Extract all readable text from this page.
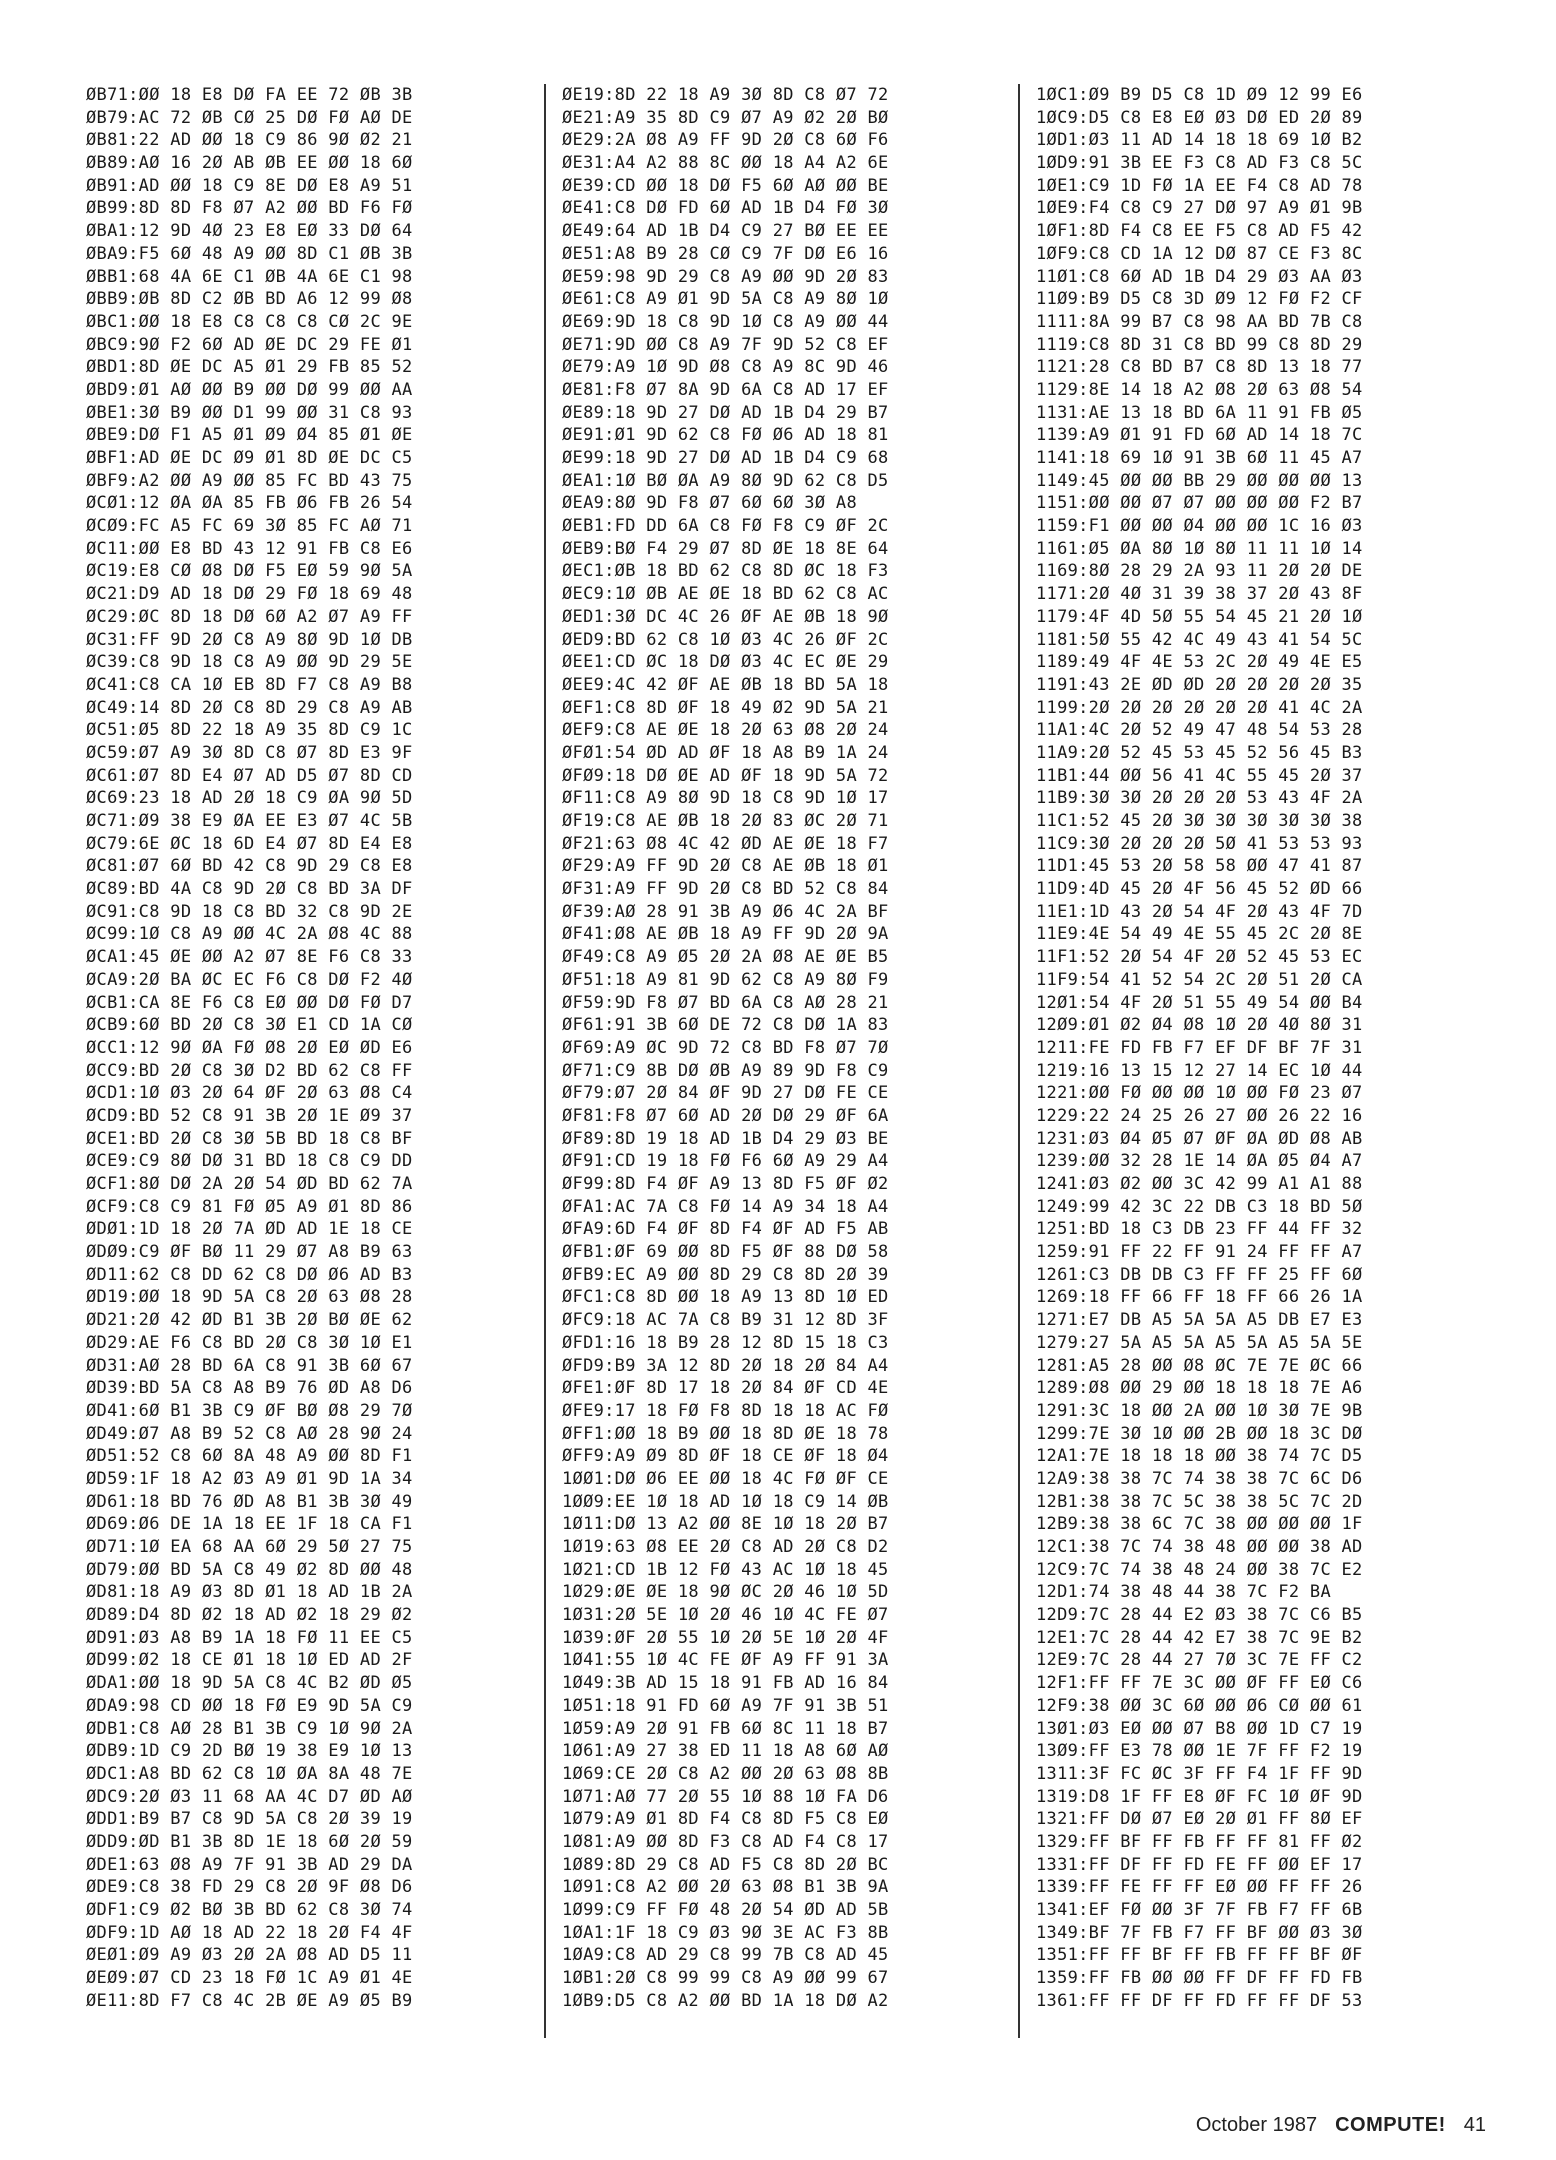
ØB71:ØØ 18 E8 DØ FA EE 72 ØB 3B
ØB79:AC 72 ØB CØ 25 DØ FØ AØ DE
ØB81:22 AD ØØ 18 C9 86 9Ø Ø2 21
ØB89:AØ 16 2Ø AB ØB EE ØØ 18 6Ø
ØB91:AD ØØ 18 C9 8E DØ E8 A9 51
ØB99:8D 8D F8 Ø7 A2 ØØ BD F6 FØ
ØBA1:12 9D 4Ø 23 E8 EØ 33 DØ 64
ØBA9:F5 6Ø 48 A9 ØØ 8D C1 ØB 3B
ØBB1:68 4A 6E C1 ØB 4A 6E C1 98
ØBB9:ØB 8D C2 ØB BD A6 12 99 Ø8
ØBC1:ØØ 18 E8 C8 C8 C8 CØ 2C 9E
ØBC9:9Ø F2 6Ø AD ØE DC 29 FE Ø1
ØBD1:8D ØE DC A5 Ø1 29 FB 85 52
ØBD9:Ø1 AØ ØØ B9 ØØ DØ 99 ØØ AA
ØBE1:3Ø B9 ØØ D1 99 ØØ 31 C8 93
ØBE9:DØ F1 A5 Ø1 Ø9 Ø4 85 Ø1 ØE
ØBF1:AD ØE DC Ø9 Ø1 8D ØE DC C5
ØBF9:A2 ØØ A9 ØØ 85 FC BD 43 75
ØCØ1:12 ØA ØA 85 FB Ø6 FB 26 54
ØCØ9:FC A5 FC 69 3Ø 85 FC AØ 71
ØC11:ØØ E8 BD 43 12 91 FB C8 E6
ØC19:E8 CØ Ø8 DØ F5 EØ 59 9Ø 5A
ØC21:D9 AD 18 DØ 29 FØ 18 69 48
ØC29:ØC 8D 18 DØ 6Ø A2 Ø7 A9 FF
ØC31:FF 9D 2Ø C8 A9 8Ø 9D 1Ø DB
ØC39:C8 9D 18 C8 A9 ØØ 9D 29 5E
ØC41:C8 CA 1Ø EB 8D F7 C8 A9 B8
ØC49:14 8D 2Ø C8 8D 29 C8 A9 AB
ØC51:Ø5 8D 22 18 A9 35 8D C9 1C
ØC59:Ø7 A9 3Ø 8D C8 Ø7 8D E3 9F
ØC61:Ø7 8D E4 Ø7 AD D5 Ø7 8D CD
ØC69:23 18 AD 2Ø 18 C9 ØA 9Ø 5D
ØC71:Ø9 38 E9 ØA EE E3 Ø7 4C 5B
ØC79:6E ØC 18 6D E4 Ø7 8D E4 E8
ØC81:Ø7 6Ø BD 42 C8 9D 29 C8 E8
ØC89:BD 4A C8 9D 2Ø C8 BD 3A DF
ØC91:C8 9D 18 C8 BD 32 C8 9D 2E
ØC99:1Ø C8 A9 ØØ 4C 2A Ø8 4C 88
ØCA1:45 ØE ØØ A2 Ø7 8E F6 C8 33
ØCA9:2Ø BA ØC EC F6 C8 DØ F2 4Ø
ØCB1:CA 8E F6 C8 EØ ØØ DØ FØ D7
ØCB9:6Ø BD 2Ø C8 3Ø E1 CD 1A CØ
ØCC1:12 9Ø ØA FØ Ø8 2Ø EØ ØD E6
ØCC9:BD 2Ø C8 3Ø D2 BD 62 C8 FF
ØCD1:1Ø Ø3 2Ø 64 ØF 2Ø 63 Ø8 C4
ØCD9:BD 52 C8 91 3B 2Ø 1E Ø9 37
ØCE1:BD 2Ø C8 3Ø 5B BD 18 C8 BF
ØCE9:C9 8Ø DØ 31 BD 18 C8 C9 DD
ØCF1:8Ø DØ 2A 2Ø 54 ØD BD 62 7A
ØCF9:C8 C9 81 FØ Ø5 A9 Ø1 8D 86
ØDØ1:1D 18 2Ø 7A ØD AD 1E 18 CE
ØDØ9:C9 ØF BØ 11 29 Ø7 A8 B9 63
ØD11:62 C8 DD 62 C8 DØ Ø6 AD B3
ØD19:ØØ 18 9D 5A C8 2Ø 63 Ø8 28
ØD21:2Ø 42 ØD B1 3B 2Ø BØ ØE 62
ØD29:AE F6 C8 BD 2Ø C8 3Ø 1Ø E1
ØD31:AØ 28 BD 6A C8 91 3B 6Ø 67
ØD39:BD 5A C8 A8 B9 76 ØD A8 D6
ØD41:6Ø B1 3B C9 ØF BØ Ø8 29 7Ø
ØD49:Ø7 A8 B9 52 C8 AØ 28 9Ø 24
ØD51:52 C8 6Ø 8A 48 A9 ØØ 8D F1
ØD59:1F 18 A2 Ø3 A9 Ø1 9D 1A 34
ØD61:18 BD 76 ØD A8 B1 3B 3Ø 49
ØD69:Ø6 DE 1A 18 EE 1F 18 CA F1
ØD71:1Ø EA 68 AA 6Ø 29 5Ø 27 75
ØD79:ØØ BD 5A C8 49 Ø2 8D ØØ 48
ØD81:18 A9 Ø3 8D Ø1 18 AD 1B 2A
ØD89:D4 8D Ø2 18 AD Ø2 18 29 Ø2
ØD91:Ø3 A8 B9 1A 18 FØ 11 EE C5
ØD99:Ø2 18 CE Ø1 18 1Ø ED AD 2F
ØDA1:ØØ 18 9D 5A C8 4C B2 ØD Ø5
ØDA9:98 CD ØØ 18 FØ E9 9D 5A C9
ØDB1:C8 AØ 28 B1 3B C9 1Ø 9Ø 2A
ØDB9:1D C9 2D BØ 19 38 E9 1Ø 13
ØDC1:A8 BD 62 C8 1Ø ØA 8A 48 7E
ØDC9:2Ø Ø3 11 68 AA 4C D7 ØD AØ
ØDD1:B9 B7 C8 9D 5A C8 2Ø 39 19
ØDD9:ØD B1 3B 8D 1E 18 6Ø 2Ø 59
ØDE1:63 Ø8 A9 7F 91 3B AD 29 DA
ØDE9:C8 38 FD 29 C8 2Ø 9F Ø8 D6
ØDF1:C9 Ø2 BØ 3B BD 62 C8 3Ø 74
ØDF9:1D AØ 18 AD 22 18 2Ø F4 4F
ØEØ1:Ø9 A9 Ø3 2Ø 2A Ø8 AD D5 11
ØEØ9:Ø7 CD 23 18 FØ 1C A9 Ø1 4E
ØE11:8D F7 C8 4C 2B ØE A9 Ø5 B9
ØE19:8D 22 18 A9 3Ø 8D C8 Ø7 72
ØE21:A9 35 8D C9 Ø7 A9 Ø2 2Ø BØ
ØE29:2A Ø8 A9 FF 9D 2Ø C8 6Ø F6
ØE31:A4 A2 88 8C ØØ 18 A4 A2 6E
ØE39:CD ØØ 18 DØ F5 6Ø AØ ØØ BE
ØE41:C8 DØ FD 6Ø AD 1B D4 FØ 3Ø
ØE49:64 AD 1B D4 C9 27 BØ EE EE
ØE51:A8 B9 28 CØ C9 7F DØ E6 16
ØE59:98 9D 29 C8 A9 ØØ 9D 2Ø 83
ØE61:C8 A9 Ø1 9D 5A C8 A9 8Ø 1Ø
ØE69:9D 18 C8 9D 1Ø C8 A9 ØØ 44
ØE71:9D ØØ C8 A9 7F 9D 52 C8 EF
ØE79:A9 1Ø 9D Ø8 C8 A9 8C 9D 46
ØE81:F8 Ø7 8A 9D 6A C8 AD 17 EF
ØE89:18 9D 27 DØ AD 1B D4 29 B7
ØE91:Ø1 9D 62 C8 FØ Ø6 AD 18 81
ØE99:18 9D 27 DØ AD 1B D4 C9 68
ØEA1:1Ø BØ ØA A9 8Ø 9D 62 C8 D5
ØEA9:8Ø 9D F8 Ø7 6Ø 6Ø 3Ø A8
ØEB1:FD DD 6A C8 FØ F8 C9 ØF 2C
ØEB9:BØ F4 29 Ø7 8D ØE 18 8E 64
ØEC1:ØB 18 BD 62 C8 8D ØC 18 F3
ØEC9:1Ø ØB AE ØE 18 BD 62 C8 AC
ØED1:3Ø DC 4C 26 ØF AE ØB 18 9Ø
ØED9:BD 62 C8 1Ø Ø3 4C 26 ØF 2C
ØEE1:CD ØC 18 DØ Ø3 4C EC ØE 29
ØEE9:4C 42 ØF AE ØB 18 BD 5A 18
ØEF1:C8 8D ØF 18 49 Ø2 9D 5A 21
ØEF9:C8 AE ØE 18 2Ø 63 Ø8 2Ø 24
ØFØ1:54 ØD AD ØF 18 A8 B9 1A 24
ØFØ9:18 DØ ØE AD ØF 18 9D 5A 72
ØF11:C8 A9 8Ø 9D 18 C8 9D 1Ø 17
ØF19:C8 AE ØB 18 2Ø 83 ØC 2Ø 71
ØF21:63 Ø8 4C 42 ØD AE ØE 18 F7
ØF29:A9 FF 9D 2Ø C8 AE ØB 18 Ø1
ØF31:A9 FF 9D 2Ø C8 BD 52 C8 84
ØF39:AØ 28 91 3B A9 Ø6 4C 2A BF
ØF41:Ø8 AE ØB 18 A9 FF 9D 2Ø 9A
ØF49:C8 A9 Ø5 2Ø 2A Ø8 AE ØE B5
ØF51:18 A9 81 9D 62 C8 A9 8Ø F9
ØF59:9D F8 Ø7 BD 6A C8 AØ 28 21
ØF61:91 3B 6Ø DE 72 C8 DØ 1A 83
ØF69:A9 ØC 9D 72 C8 BD F8 Ø7 7Ø
ØF71:C9 8B DØ ØB A9 89 9D F8 C9
ØF79:Ø7 2Ø 84 ØF 9D 27 DØ FE CE
ØF81:F8 Ø7 6Ø AD 2Ø DØ 29 ØF 6A
ØF89:8D 19 18 AD 1B D4 29 Ø3 BE
ØF91:CD 19 18 FØ F6 6Ø A9 29 A4
ØF99:8D F4 ØF A9 13 8D F5 ØF Ø2
ØFA1:AC 7A C8 FØ 14 A9 34 18 A4
ØFA9:6D F4 ØF 8D F4 ØF AD F5 AB
ØFB1:ØF 69 ØØ 8D F5 ØF 88 DØ 58
ØFB9:EC A9 ØØ 8D 29 C8 8D 2Ø 39
ØFC1:C8 8D ØØ 18 A9 13 8D 1Ø ED
ØFC9:18 AC 7A C8 B9 31 12 8D 3F
ØFD1:16 18 B9 28 12 8D 15 18 C3
ØFD9:B9 3A 12 8D 2Ø 18 2Ø 84 A4
ØFE1:ØF 8D 17 18 2Ø 84 ØF CD 4E
ØFE9:17 18 FØ F8 8D 18 18 AC FØ
ØFF1:ØØ 18 B9 ØØ 18 8D ØE 18 78
ØFF9:A9 Ø9 8D ØF 18 CE ØF 18 Ø4
1ØØ1:DØ Ø6 EE ØØ 18 4C FØ ØF CE
1ØØ9:EE 1Ø 18 AD 1Ø 18 C9 14 ØB
1Ø11:DØ 13 A2 ØØ 8E 1Ø 18 2Ø B7
1Ø19:63 Ø8 EE 2Ø C8 AD 2Ø C8 D2
1Ø21:CD 1B 12 FØ 43 AC 1Ø 18 45
1Ø29:ØE ØE 18 9Ø ØC 2Ø 46 1Ø 5D
1Ø31:2Ø 5E 1Ø 2Ø 46 1Ø 4C FE Ø7
1Ø39:ØF 2Ø 55 1Ø 2Ø 5E 1Ø 2Ø 4F
1Ø41:55 1Ø 4C FE ØF A9 FF 91 3A
1Ø49:3B AD 15 18 91 FB AD 16 84
1Ø51:18 91 FD 6Ø A9 7F 91 3B 51
1Ø59:A9 2Ø 91 FB 6Ø 8C 11 18 B7
1Ø61:A9 27 38 ED 11 18 A8 6Ø AØ
1Ø69:CE 2Ø C8 A2 ØØ 2Ø 63 Ø8 8B
1Ø71:AØ 77 2Ø 55 1Ø 88 1Ø FA D6
1Ø79:A9 Ø1 8D F4 C8 8D F5 C8 EØ
1Ø81:A9 ØØ 8D F3 C8 AD F4 C8 17
1Ø89:8D 29 C8 AD F5 C8 8D 2Ø BC
1Ø91:C8 A2 ØØ 2Ø 63 Ø8 B1 3B 9A
1Ø99:C9 FF FØ 48 2Ø 54 ØD AD 5B
1ØA1:1F 18 C9 Ø3 9Ø 3E AC F3 8B
1ØA9:C8 AD 29 C8 99 7B C8 AD 45
1ØB1:2Ø C8 99 99 C8 A9 ØØ 99 67
1ØB9:D5 C8 A2 ØØ BD 1A 18 DØ A2
1ØC1:Ø9 B9 D5 C8 1D Ø9 12 99 E6
1ØC9:D5 C8 E8 EØ Ø3 DØ ED 2Ø 89
1ØD1:Ø3 11 AD 14 18 18 69 1Ø B2
1ØD9:91 3B EE F3 C8 AD F3 C8 5C
1ØE1:C9 1D FØ 1A EE F4 C8 AD 78
1ØE9:F4 C8 C9 27 DØ 97 A9 Ø1 9B
1ØF1:8D F4 C8 EE F5 C8 AD F5 42
1ØF9:C8 CD 1A 12 DØ 87 CE F3 8C
11Ø1:C8 6Ø AD 1B D4 29 Ø3 AA Ø3
11Ø9:B9 D5 C8 3D Ø9 12 FØ F2 CF
1111:8A 99 B7 C8 98 AA BD 7B C8
1119:C8 8D 31 C8 BD 99 C8 8D 29
1121:28 C8 BD B7 C8 8D 13 18 77
1129:8E 14 18 A2 Ø8 2Ø 63 Ø8 54
1131:AE 13 18 BD 6A 11 91 FB Ø5
1139:A9 Ø1 91 FD 6Ø AD 14 18 7C
1141:18 69 1Ø 91 3B 6Ø 11 45 A7
1149:45 ØØ ØØ BB 29 ØØ ØØ ØØ 13
1151:ØØ ØØ Ø7 Ø7 ØØ ØØ ØØ F2 B7
1159:F1 ØØ ØØ Ø4 ØØ ØØ 1C 16 Ø3
1161:Ø5 ØA 8Ø 1Ø 8Ø 11 11 1Ø 14
1169:8Ø 28 29 2A 93 11 2Ø 2Ø DE
1171:2Ø 4Ø 31 39 38 37 2Ø 43 8F
1179:4F 4D 5Ø 55 54 45 21 2Ø 1Ø
1181:5Ø 55 42 4C 49 43 41 54 5C
1189:49 4F 4E 53 2C 2Ø 49 4E E5
1191:43 2E ØD ØD 2Ø 2Ø 2Ø 2Ø 35
1199:2Ø 2Ø 2Ø 2Ø 2Ø 2Ø 41 4C 2A
11A1:4C 2Ø 52 49 47 48 54 53 28
11A9:2Ø 52 45 53 45 52 56 45 B3
11B1:44 ØØ 56 41 4C 55 45 2Ø 37
11B9:3Ø 3Ø 2Ø 2Ø 2Ø 53 43 4F 2A
11C1:52 45 2Ø 3Ø 3Ø 3Ø 3Ø 3Ø 38
11C9:3Ø 2Ø 2Ø 2Ø 5Ø 41 53 53 93
11D1:45 53 2Ø 58 58 ØØ 47 41 87
11D9:4D 45 2Ø 4F 56 45 52 ØD 66
11E1:1D 43 2Ø 54 4F 2Ø 43 4F 7D
11E9:4E 54 49 4E 55 45 2C 2Ø 8E
11F1:52 2Ø 54 4F 2Ø 52 45 53 EC
11F9:54 41 52 54 2C 2Ø 51 2Ø CA
12Ø1:54 4F 2Ø 51 55 49 54 ØØ B4
12Ø9:Ø1 Ø2 Ø4 Ø8 1Ø 2Ø 4Ø 8Ø 31
1211:FE FD FB F7 EF DF BF 7F 31
1219:16 13 15 12 27 14 EC 1Ø 44
1221:ØØ FØ ØØ ØØ 1Ø ØØ FØ 23 Ø7
1229:22 24 25 26 27 ØØ 26 22 16
1231:Ø3 Ø4 Ø5 Ø7 ØF ØA ØD Ø8 AB
1239:ØØ 32 28 1E 14 ØA Ø5 Ø4 A7
1241:Ø3 Ø2 ØØ 3C 42 99 A1 A1 88
1249:99 42 3C 22 DB C3 18 BD 5Ø
1251:BD 18 C3 DB 23 FF 44 FF 32
1259:91 FF 22 FF 91 24 FF FF A7
1261:C3 DB DB C3 FF FF 25 FF 6Ø
1269:18 FF 66 FF 18 FF 66 26 1A
1271:E7 DB A5 5A 5A A5 DB E7 E3
1279:27 5A A5 5A A5 5A A5 5A 5E
1281:A5 28 ØØ Ø8 ØC 7E 7E ØC 66
1289:Ø8 ØØ 29 ØØ 18 18 18 7E A6
1291:3C 18 ØØ 2A ØØ 1Ø 3Ø 7E 9B
1299:7E 3Ø 1Ø ØØ 2B ØØ 18 3C DØ
12A1:7E 18 18 18 ØØ 38 74 7C D5
12A9:38 38 7C 74 38 38 7C 6C D6
12B1:38 38 7C 5C 38 38 5C 7C 2D
12B9:38 38 6C 7C 38 ØØ ØØ ØØ 1F
12C1:38 7C 74 38 48 ØØ ØØ 38 AD
12C9:7C 74 38 48 24 ØØ 38 7C E2
12D1:74 38 48 44 38 7C F2 BA
12D9:7C 28 44 E2 Ø3 38 7C C6 B5
12E1:7C 28 44 42 E7 38 7C 9E B2
12E9:7C 28 44 27 7Ø 3C 7E FF C2
12F1:FF FF 7E 3C ØØ ØF FF EØ C6
12F9:38 ØØ 3C 6Ø ØØ Ø6 CØ ØØ 61
13Ø1:Ø3 EØ ØØ Ø7 B8 ØØ 1D C7 19
13Ø9:FF E3 78 ØØ 1E 7F FF F2 19
1311:3F FC ØC 3F FF F4 1F FF 9D
1319:D8 1F FF E8 ØF FC 1Ø ØF 9D
1321:FF DØ Ø7 EØ 2Ø Ø1 FF 8Ø EF
1329:FF BF FF FB FF FF 81 FF Ø2
1331:FF DF FF FD FE FF ØØ EF 17
1339:FF FE FF FF EØ ØØ FF FF 26
1341:EF FØ ØØ 3F 7F FB F7 FF 6B
1349:BF 7F FB F7 FF BF ØØ Ø3 3Ø
1351:FF FF BF FF FB FF FF BF ØF
1359:FF FB ØØ ØØ FF DF FF FD FB
1361:FF FF DF FF FD FF FF DF 53
October 1987 COMPUTE! 41
